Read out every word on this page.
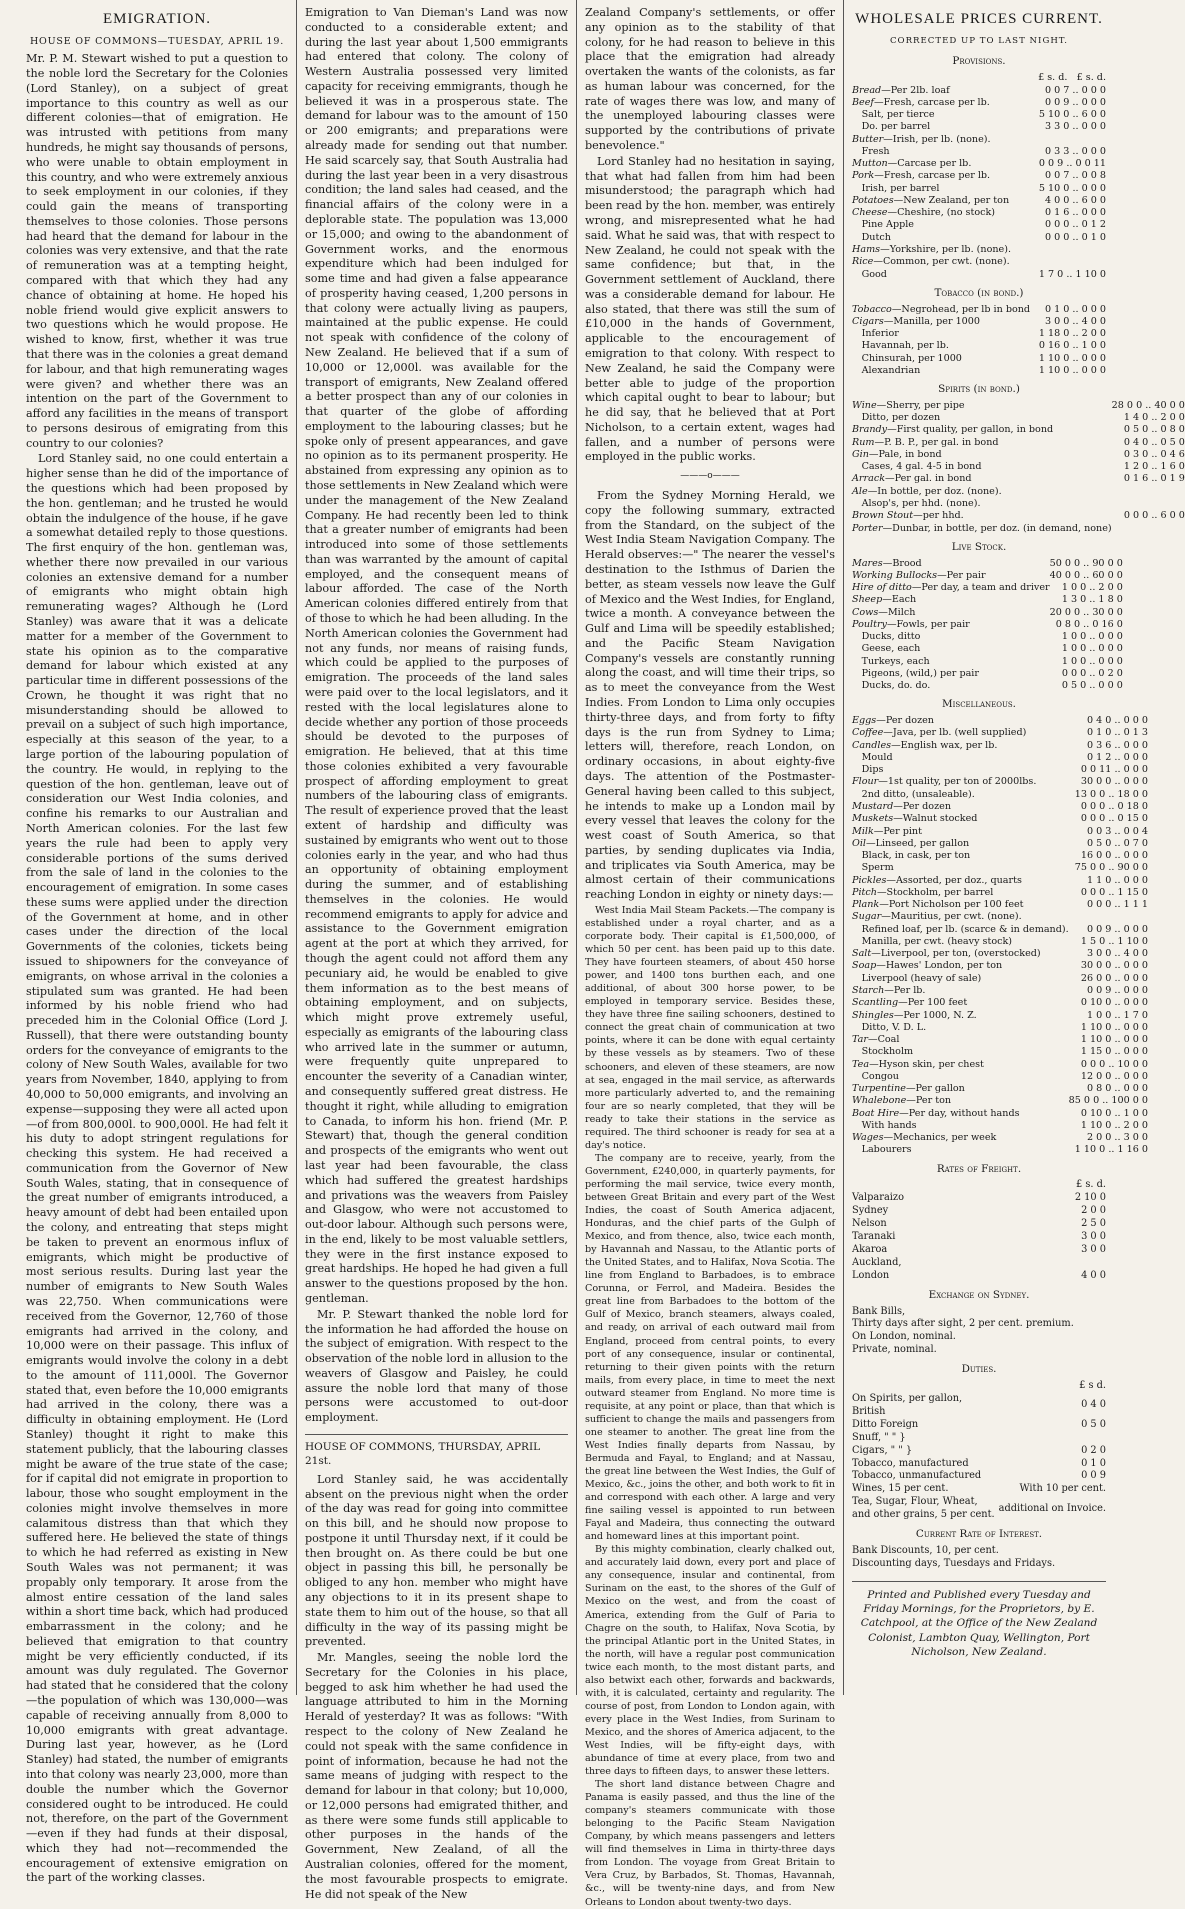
EMIGRATION.
HOUSE OF COMMONS—TUESDAY, APRIL 19.

Mr. P. M. Stewart wished to put a question to the noble lord the Secretary for the Colonies (Lord Stanley), on a subject of great importance to this country as well as our different colonies—that of emigration. He was intrusted with petitions from many hundreds, he might say thousands of persons, who were unable to obtain employment in this country, and who were extremely anxious to seek employment in our colonies, if they could gain the means of transporting themselves to those colonies. Those persons had heard that the demand for labour in the colonies was very extensive, and that the rate of remuneration was at a tempting height, compared with that which they had any chance of obtaining at home. He hoped his noble friend would give explicit answers to two questions which he would propose. He wished to know, first, whether it was true that there was in the colonies a great demand for labour, and that high remunerating wages were given? and whether there was an intention on the part of the Government to afford any facilities in the means of transport to persons desirous of emigrating from this country to our colonies?

Lord Stanley said, no one could entertain a higher sense than he did of the importance of the questions which had been proposed by the hon. gentleman; and he trusted he would obtain the indulgence of the house, if he gave a somewhat detailed reply to those questions. The first enquiry of the hon. gentleman was, whether there now prevailed in our various colonies an extensive demand for a number of emigrants who might obtain high remunerating wages? Although he (Lord Stanley) was aware that it was a delicate matter for a member of the Government to state his opinion as to the comparative demand for labour which existed at any particular time in different possessions of the Crown, he thought it was right that no misunderstanding should be allowed to prevail on a subject of such high importance, especially at this season of the year, to a large portion of the labouring population of the country. He would, in replying to the question of the hon. gentleman, leave out of consideration our West India colonies, and confine his remarks to our Australian and North American colonies. For the last few years the rule had been to apply very considerable portions of the sums derived from the sale of land in the colonies to the encouragement of emigration. In some cases these sums were applied under the direction of the Government at home, and in other cases under the direction of the local Governments of the colonies, tickets being issued to shipowners for the conveyance of emigrants, on whose arrival in the colonies a stipulated sum was granted. He had been informed by his noble friend who had preceded him in the Colonial Office (Lord J. Russell), that there were outstanding bounty orders for the conveyance of emigrants to the colony of New South Wales, available for two years from November, 1840, applying to from 40,000 to 50,000 emigrants, and involving an expense—supposing they were all acted upon—of from 800,000l. to 900,000l. He had felt it his duty to adopt stringent regulations for checking this system. He had received a communication from the Governor of New South Wales, stating, that in consequence of the great number of emigrants introduced, a heavy amount of debt had been entailed upon the colony, and entreating that steps might be taken to prevent an enormous influx of emigrants, which might be productive of most serious results. During last year the number of emigrants to New South Wales was 22,750. When communications were received from the Governor, 12,760 of those emigrants had arrived in the colony, and 10,000 were on their passage. This influx of emigrants would involve the colony in a debt to the amount of 111,000l. The Governor stated that, even before the 10,000 emigrants had arrived in the colony, there was a difficulty in obtaining employment. He (Lord Stanley) thought it right to make this statement publicly, that the labouring classes might be aware of the true state of the case; for if capital did not emigrate in proportion to labour, those who sought employment in the colonies might involve themselves in more calamitous distress than that which they suffered here. He believed the state of things to which he had referred as existing in New South Wales was not permanent; it was propably only temporary. It arose from the almost entire cessation of the land sales within a short time back, which had produced embarrassment in the colony; and he believed that emigration to that country might be very efficiently conducted, if its amount was duly regulated. The Governor had stated that he considered that the colony—the population of which was 130,000—was capable of receiving annually from 8,000 to 10,000 emigrants with great advantage. During last year, however, as he (Lord Stanley) had stated, the number of emigrants into that colony was nearly 23,000, more than double the number which the Governor considered ought to be introduced. He could not, therefore, on the part of the Government—even if they had funds at their disposal, which they had not—recommended the encouragement of extensive emigration on the part of the working classes.

Emigration to Van Dieman's Land was now conducted to a considerable extent; and during the last year about 1,500 emmigrants had entered that colony. The colony of Western Australia possessed very limited capacity for receiving emmigrants, though he believed it was in a prosperous state. The demand for labour was to the amount of 150 or 200 emigrants; and preparations were already made for sending out that number. He said scarcely say, that South Australia had during the last year been in a very disastrous condition; the land sales had ceased, and the financial affairs of the colony were in a deplorable state. The population was 13,000 or 15,000; and owing to the abandonment of Government works, and the enormous expenditure which had been indulged for some time and had given a false appearance of prosperity having ceased, 1,200 persons in that colony were actually living as paupers, maintained at the public expense. He could not speak with confidence of the colony of New Zealand. He believed that if a sum of 10,000 or 12,000l. was available for the transport of emigrants, New Zealand offered a better prospect than any of our colonies in that quarter of the globe of affording employment to the labouring classes; but he spoke only of present appearances, and gave no opinion as to its permanent prosperity. He abstained from expressing any opinion as to those settlements in New Zealand which were under the management of the New Zealand Company. He had recently been led to think that a greater number of emigrants had been introduced into some of those settlements than was warranted by the amount of capital employed, and the consequent means of labour afforded. The case of the North American colonies differed entirely from that of those to which he had been alluding. In the North American colonies the Government had not any funds, nor means of raising funds, which could be applied to the purposes of emigration. The proceeds of the land sales were paid over to the local legislators, and it rested with the local legislatures alone to decide whether any portion of those proceeds should be devoted to the purposes of emigration. He believed, that at this time those colonies exhibited a very favourable prospect of affording employment to great numbers of the labouring class of emigrants. The result of experience proved that the least extent of hardship and difficulty was sustained by emigrants who went out to those colonies early in the year, and who had thus an opportunity of obtaining employment during the summer, and of establishing themselves in the colonies. He would recommend emigrants to apply for advice and assistance to the Government emigration agent at the port at which they arrived, for though the agent could not afford them any pecuniary aid, he would be enabled to give them information as to the best means of obtaining employment, and on subjects, which might prove extremely useful, especially as emigrants of the labouring class who arrived late in the summer or autumn, were frequently quite unprepared to encounter the severity of a Canadian winter, and consequently suffered great distress. He thought it right, while alluding to emigration to Canada, to inform his hon. friend (Mr. P. Stewart) that, though the general condition and prospects of the emigrants who went out last year had been favourable, the class which had suffered the greatest hardships and privations was the weavers from Paisley and Glasgow, who were not accustomed to out-door labour. Although such persons were, in the end, likely to be most valuable settlers, they were in the first instance exposed to great hardships. He hoped he had given a full answer to the questions proposed by the hon. gentleman.

Mr. P. Stewart thanked the noble lord for the information he had afforded the house on the subject of emigration. With respect to the observation of the noble lord in allusion to the weavers of Glasgow and Paisley, he could assure the noble lord that many of those persons were accustomed to out-door employment.

HOUSE OF COMMONS, THURSDAY, APRIL 21st.

Lord Stanley said, he was accidentally absent on the previous night when the order of the day was read for going into committee on this bill, and he should now propose to postpone it until Thursday next, if it could be then brought on. As there could be but one object in passing this bill, he personally be obliged to any hon. member who might have any objections to it in its present shape to state them to him out of the house, so that all difficulty in the way of its passing might be prevented.

Mr. Mangles, seeing the noble lord the Secretary for the Colonies in his place, begged to ask him whether he had used the language attributed to him in the Morning Herald of yesterday? It was as follows: "With respect to the colony of New Zealand he could not speak with the same confidence in point of information, because he had not the same means of judging with respect to the demand for labour in that colony; but 10,000, or 12,000 persons had emigrated thither, and as there were some funds still applicable to other purposes in the hands of the Government, New Zealand, of all the Australian colonies, offered for the moment, the most favourable prospects to emigrate. He did not speak of the New

Zealand Company's settlements, or offer any opinion as to the stability of that colony, for he had reason to believe in this place that the emigration had already overtaken the wants of the colonists, as far as human labour was concerned, for the rate of wages there was low, and many of the unemployed labouring classes were supported by the contributions of private benevolence."

Lord Stanley had no hesitation in saying, that what had fallen from him had been misunderstood; the paragraph which had been read by the hon. member, was entirely wrong, and misrepresented what he had said. What he said was, that with respect to New Zealand, he could not speak with the same confidence; but that, in the Government settlement of Auckland, there was a considerable demand for labour. He also stated, that there was still the sum of £10,000 in the hands of Government, applicable to the encouragement of emigration to that colony. With respect to New Zealand, he said the Company were better able to judge of the proportion which capital ought to bear to labour; but he did say, that he believed that at Port Nicholson, to a certain extent, wages had fallen, and a number of persons were employed in the public works.

———o———

From the Sydney Morning Herald, we copy the following summary, extracted from the Standard, on the subject of the West India Steam Navigation Company. The Herald observes:—" The nearer the vessel's destination to the Isthmus of Darien the better, as steam vessels now leave the Gulf of Mexico and the West Indies, for England, twice a month. A conveyance between the Gulf and Lima will be speedily established; and the Pacific Steam Navigation Company's vessels are constantly running along the coast, and will time their trips, so as to meet the conveyance from the West Indies. From London to Lima only occupies thirty-three days, and from forty to fifty days is the run from Sydney to Lima; letters will, therefore, reach London, on ordinary occasions, in about eighty-five days. The attention of the Postmaster-General having been called to this subject, he intends to make up a London mail by every vessel that leaves the colony for the west coast of South America, so that parties, by sending duplicates via India, and triplicates via South America, may be almost certain of their communications reaching London in eighty or ninety days:—

West India Mail Steam Packets.—The company is established under a royal charter, and as a corporate body. Their capital is £1,500,000, of which 50 per cent. has been paid up to this date. They have fourteen steamers, of about 450 horse power, and 1400 tons burthen each, and one additional, of about 300 horse power, to be employed in temporary service. Besides these, they have three fine sailing schooners, destined to connect the great chain of communication at two points, where it can be done with equal certainty by these vessels as by steamers. Two of these schooners, and eleven of these steamers, are now at sea, engaged in the mail service, as afterwards more particularly adverted to, and the remaining four are so nearly completed, that they will be ready to take their stations in the service as required. The third schooner is ready for sea at a day's notice.

The company are to receive, yearly, from the Government, £240,000, in quarterly payments, for performing the mail service, twice every month, between Great Britain and every part of the West Indies, the coast of South America adjacent, Honduras, and the chief parts of the Gulph of Mexico, and from thence, also, twice each month, by Havannah and Nassau, to the Atlantic ports of the United States, and to Halifax, Nova Scotia. The line from England to Barbadoes, is to embrace Corunna, or Ferrol, and Madeira. Besides the great line from Barbadoes to the bottom of the Gulf of Mexico, branch steamers, always coaled, and ready, on arrival of each outward mail from England, proceed from central points, to every port of any consequence, insular or continental, returning to their given points with the return mails, from every place, in time to meet the next outward steamer from England. No more time is requisite, at any point or place, than that which is sufficient to change the mails and passengers from one steamer to another. The great line from the West Indies finally departs from Nassau, by Bermuda and Fayal, to England; and at Nassau, the great line between the West Indies, the Gulf of Mexico, &c., joins the other, and both work to fit in and correspond with each other. A large and very fine sailing vessel is appointed to run between Fayal and Madeira, thus connecting the outward and homeward lines at this important point.

By this mighty combination, clearly chalked out, and accurately laid down, every port and place of any consequence, insular and continental, from Surinam on the east, to the shores of the Gulf of Mexico on the west, and from the coast of America, extending from the Gulf of Paria to Chagre on the south, to Halifax, Nova Scotia, by the principal Atlantic port in the United States, in the north, will have a regular post communication twice each month, to the most distant parts, and also betwixt each other, forwards and backwards, with, it is calculated, certainty and regularity. The course of post, from London to London again, with every place in the West Indies, from Surinam to Mexico, and the shores of America adjacent, to the West Indies, will be fifty-eight days, with abundance of time at every place, from two and three days to fifteen days, to answer these letters.

The short land distance between Chagre and Panama is easily passed, and thus the line of the company's steamers communicate with those belonging to the Pacific Steam Navigation Company, by which means passengers and letters will find themselves in Lima in thirty-three days from London. The voyage from Great Britain to Vera Cruz, by Barbados, St. Thomas, Havannah, &c., will be twenty-nine days, and from New Orleans to London about twenty-two days.

WHOLESALE PRICES CURRENT.
CORRECTED UP TO LAST NIGHT.
Provisions.
£ s. d.   £ s. d.
Bread—Per 2lb. loaf	0 0 7 .. 0 0 0
Beef—Fresh, carcase per lb.	0 0 9 .. 0 0 0
 Salt, per tierce	5 10 0 .. 6 0 0
 Do. per barrel	3 3 0 .. 0 0 0
Butter—Irish, per lb. (none).	
 Fresh	0 3 3 .. 0 0 0
Mutton—Carcase per lb.	0 0 9 .. 0 0 11
Pork—Fresh, carcase per lb.	0 0 7 .. 0 0 8
 Irish, per barrel	5 10 0 .. 0 0 0
Potatoes—New Zealand, per ton	4 0 0 .. 6 0 0
Cheese—Cheshire, (no stock)	0 1 6 .. 0 0 0
 Pine Apple	0 0 0 .. 0 1 2
 Dutch	0 0 0 .. 0 1 0
Hams—Yorkshire, per lb. (none).	
Rice—Common, per cwt. (none).	
 Good	1 7 0 .. 1 10 0
Tobacco (in bond.)
Tobacco—Negrohead, per lb in bond	0 1 0 .. 0 0 0
Cigars—Manilla, per 1000	3 0 0 .. 4 0 0
 Inferior	1 18 0 .. 2 0 0
 Havannah, per lb.	0 16 0 .. 1 0 0
 Chinsurah, per 1000	1 10 0 .. 0 0 0
 Alexandrian	1 10 0 .. 0 0 0
Spirits (in bond.)
Wine—Sherry, per pipe	28 0 0 .. 40 0 0
 Ditto, per dozen	1 4 0 .. 2 0 0
Brandy—First quality, per gallon, in bond	0 5 0 .. 0 8 0
Rum—P. B. P., per gal. in bond	0 4 0 .. 0 5 0
Gin—Pale, in bond	0 3 0 .. 0 4 6
 Cases, 4 gal. 4-5 in bond	1 2 0 .. 1 6 0
Arrack—Per gal. in bond	0 1 6 .. 0 1 9
Ale—In bottle, per doz. (none).	
 Alsop's, per hhd. (none).	
Brown Stout—per hhd.	0 0 0 .. 6 0 0
Porter—Dunbar, in bottle, per doz. (in demand, none)	
Live Stock.
Mares—Brood	50 0 0 .. 90 0 0
Working Bullocks—Per pair	40 0 0 .. 60 0 0
Hire of ditto—Per day, a team and driver	1 0 0 .. 2 0 0
Sheep—Each	1 3 0 .. 1 8 0
Cows—Milch	20 0 0 .. 30 0 0
Poultry—Fowls, per pair	0 8 0 .. 0 16 0
 Ducks, ditto	1 0 0 .. 0 0 0
 Geese, each	1 0 0 .. 0 0 0
 Turkeys, each	1 0 0 .. 0 0 0
 Pigeons, (wild,) per pair	0 0 0 .. 0 2 0
 Ducks, do. do.	0 5 0 .. 0 0 0
Miscellaneous.
Eggs—Per dozen	0 4 0 .. 0 0 0
Coffee—Java, per lb. (well supplied)	0 1 0 .. 0 1 3
Candles—English wax, per lb.	0 3 6 .. 0 0 0
 Mould	0 1 2 .. 0 0 0
 Dips	0 0 11 .. 0 0 0
Flour—1st quality, per ton of 2000lbs.	30 0 0 .. 0 0 0
 2nd ditto, (unsaleable).	13 0 0 .. 18 0 0
Mustard—Per dozen	0 0 0 .. 0 18 0
Muskets—Walnut stocked	0 0 0 .. 0 15 0
Milk—Per pint	0 0 3 .. 0 0 4
Oil—Linseed, per gallon	0 5 0 .. 0 7 0
 Black, in cask, per ton	16 0 0 .. 0 0 0
 Sperm	75 0 0 .. 90 0 0
Pickles—Assorted, per doz., quarts	1 1 0 .. 0 0 0
Pitch—Stockholm, per barrel	0 0 0 .. 1 15 0
Plank—Port Nicholson per 100 feet	0 0 0 .. 1 1 1
Sugar—Mauritius, per cwt. (none).	
 Refined loaf, per lb. (scarce & in demand).	0 0 9 .. 0 0 0
 Manilla, per cwt. (heavy stock)	1 5 0 .. 1 10 0
Salt—Liverpool, per ton, (overstocked)	3 0 0 .. 4 0 0
Soap—Hawes' London, per ton	30 0 0 .. 0 0 0
 Liverpool (heavy of sale)	26 0 0 .. 0 0 0
Starch—Per lb.	0 0 9 .. 0 0 0
Scantling—Per 100 feet	0 10 0 .. 0 0 0
Shingles—Per 1000, N. Z.	1 0 0 .. 1 7 0
 Ditto, V. D. L.	1 10 0 .. 0 0 0
Tar—Coal	1 10 0 .. 0 0 0
 Stockholm	1 15 0 .. 0 0 0
Tea—Hyson skin, per chest	0 0 0 .. 10 0 0
 Congou	12 0 0 .. 0 0 0
Turpentine—Per gallon	0 8 0 .. 0 0 0
Whalebone—Per ton	85 0 0 .. 100 0 0
Boat Hire—Per day, without hands	0 10 0 .. 1 0 0
 With hands	1 10 0 .. 2 0 0
Wages—Mechanics, per week	2 0 0 .. 3 0 0
 Labourers	1 10 0 .. 1 16 0
Rates of Freight.
	£ s. d.
Valparaizo	2 10 0
Sydney	2 0 0
Nelson	2 5 0
Taranaki	3 0 0
Akaroa	3 0 0
Auckland,	
London	4 0 0
Exchange on Sydney.
Bank Bills,
Thirty days after sight, 2 per cent. premium.
On London, nominal.
Private, nominal.
Duties.
	£ s d.
On Spirits, per gallon, British	0 4 0
Ditto Foreign	0 5 0
Snuff, " " }	
Cigars, " " }	0 2 0
Tobacco, manufactured	0 1 0
Tobacco, unmanufactured	0 0 9
Wines, 15 per cent.	With 10 per cent.
Tea, Sugar, Flour, Wheat, and other grains, 5 per cent.	additional on Invoice.
Current Rate of Interest.
Bank Discounts, 10, per cent.
Discounting days, Tuesdays and Fridays.
Printed and Published every Tuesday and Friday Mornings, for the Proprietors, by E. Catchpool, at the Office of the New Zealand Colonist, Lambton Quay, Wellington, Port Nicholson, New Zealand.
